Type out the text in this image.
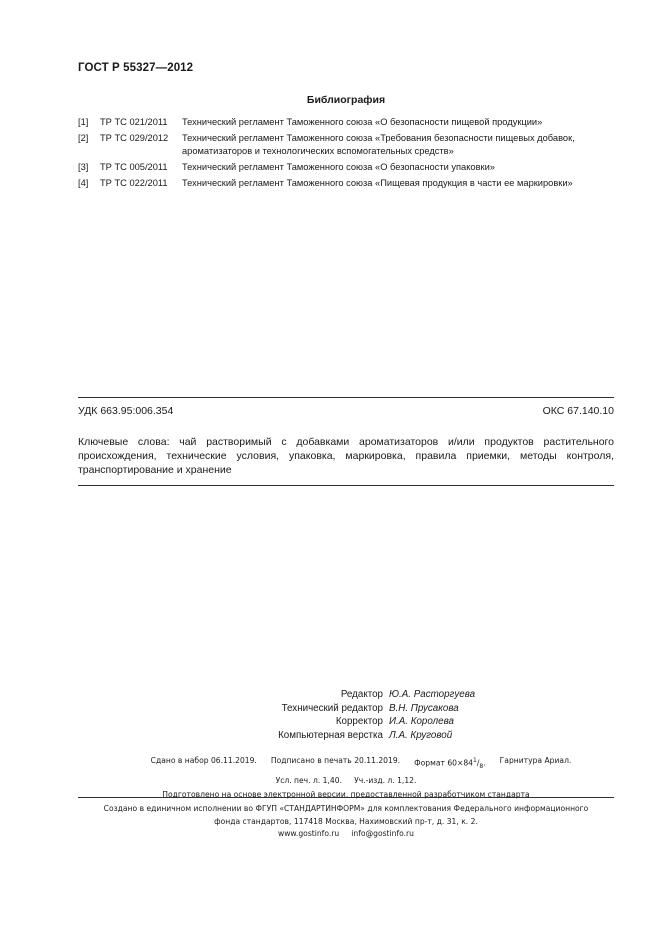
ГОСТ Р 55327—2012
Библиография
[1]	ТР ТС 021/2011	Технический регламент Таможенного союза «О безопасности пищевой продукции»
[2]	ТР ТС 029/2012	Технический регламент Таможенного союза «Требования безопасности пищевых добавок, ароматизаторов и технологических вспомогательных средств»
[3]	ТР ТС 005/2011	Технический регламент Таможенного союза «О безопасности упаковки»
[4]	ТР ТС 022/2011	Технический регламент Таможенного союза «Пищевая продукция в части ее маркировки»
УДК 663.95:006.354	ОКС 67.140.10
Ключевые слова: чай растворимый с добавками ароматизаторов и/или продуктов растительного происхождения, технические условия, упаковка, маркировка, правила приемки, методы контроля, транспортирование и хранение
Редактор Ю.А. Расторгуева
Технический редактор В.Н. Прусакова
Корректор И.А. Королева
Компьютерная верстка Л.А. Круговой
Сдано в набор 06.11.2019. Подписано в печать 20.11.2019. Формат $60\times 84^1/_8$. Гарнитура Ариал.
Усл. печ. л. 1,40. Уч.-изд. л. 1,12.
Подготовлено на основе электронной версии, предоставленной разработчиком стандарта
Создано в единичном исполнении во ФГУП «СТАНДАРТИНФОРМ» для комплектования Федерального информационного
фонда стандартов, 117418 Москва, Нахимовский пр-т, д. 31, к. 2.
www.gostinfo.ru info@gostinfo.ru
